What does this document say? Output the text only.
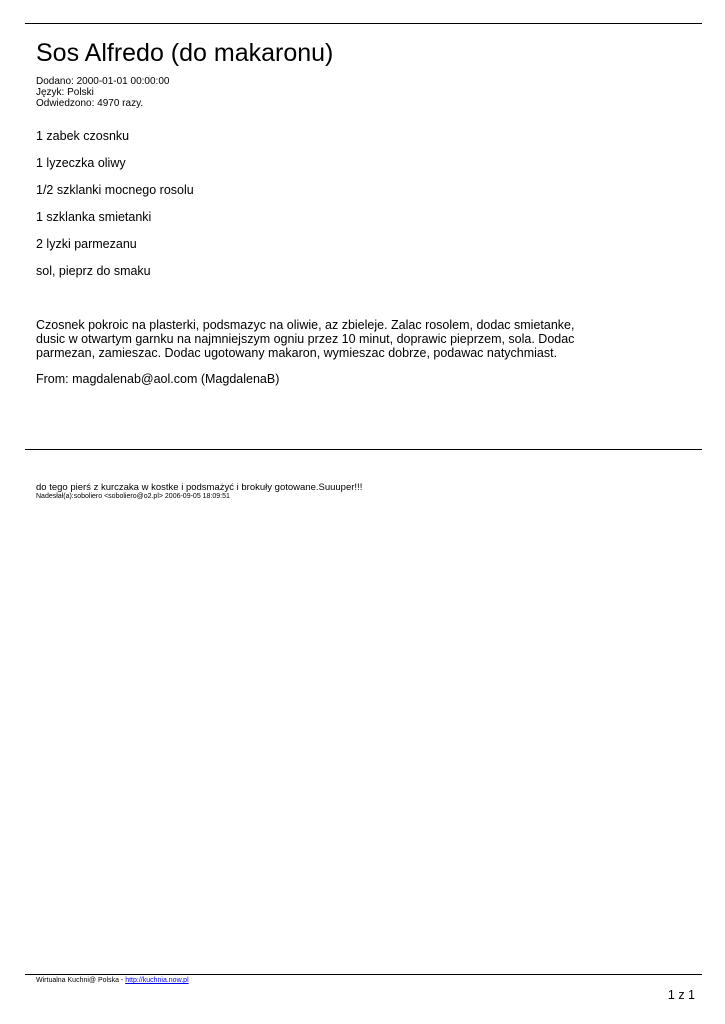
Sos Alfredo (do makaronu)
Dodano: 2000-01-01 00:00:00
Język: Polski
Odwiedzono: 4970 razy.
1 zabek czosnku
1 lyzeczka oliwy
1/2 szklanki mocnego rosolu
1 szklanka smietanki
2 lyzki parmezanu
sol, pieprz do smaku

Czosnek pokroic na plasterki, podsmazyc na oliwie, az zbieleje. Zalac rosolem, dodac smietanke, dusic w otwartym garnku na najmniejszym ogniu przez 10 minut, doprawic pieprzem, sola. Dodac parmezan, zamieszac. Dodac ugotowany makaron, wymieszac dobrze, podawac natychmiast.

From: magdalenab@aol.com (MagdalenaB)
do tego pierś z kurczaka w kostke i podsmażyć i brokuły gotowane.Suuuper!!!
Nadesłał(a):soboliero <soboliero@o2.pl> 2006-09-05 18:09:51
Wirtualna Kuchni@ Polska - http://kuchnia.now.pl
1 z 1
